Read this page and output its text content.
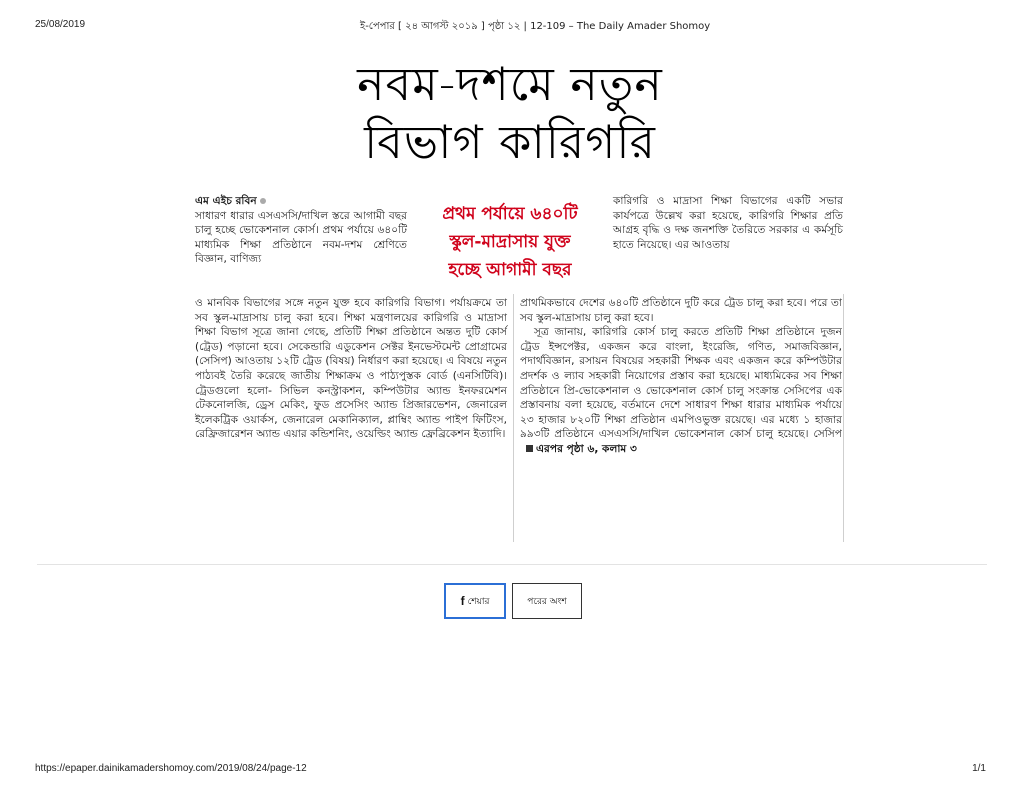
25/08/2019	ই-পেপার [ ২৪ আগস্ট ২০১৯ ] পৃষ্ঠা ১২ | 12-109 – The Daily Amader Shomoy
নবম-দশমে নতুন
বিভাগ কারিগরি
এম এইচ রবিন
সাধারণ ধারার এসএসসি/দাখিল স্তরে আগামী বছর চালু হচ্ছে ভোকেশনাল কোর্স। প্রথম পর্যায়ে ৬৪০টি মাধ্যমিক শিক্ষা প্রতিষ্ঠানে নবম-দশম শ্রেণিতে বিজ্ঞান, বাণিজ্য
প্রথম পর্যায়ে ৬৪০টি
স্কুল-মাদ্রাসায় যুক্ত
হচ্ছে আগামী বছর
কারিগরি ও মাদ্রাসা শিক্ষা বিভাগের একটি সভার কার্যপত্রে উল্লেখ করা হয়েছে, কারিগরি শিক্ষার প্রতি আগ্রহ বৃদ্ধি ও দক্ষ জনশক্তি তৈরিতে সরকার এ কর্মসূচি হাতে নিয়েছে। এর আওতায়

ও মানবিক বিভাগের সঙ্গে নতুন যুক্ত হবে কারিগরি বিভাগ। পর্যায়ক্রমে তা সব স্কুল-মাদ্রাসায় চালু করা হবে। শিক্ষা মন্ত্রণালয়ের কারিগরি ও মাদ্রাসা শিক্ষা বিভাগ সূত্রে জানা গেছে, প্রতিটি শিক্ষা প্রতিষ্ঠানে অন্তত দুটি কোর্স (ট্রেড) পড়ানো হবে। সেকেন্ডারি এডুকেশন সেক্টর ইনভেস্টমেন্ট প্রোগ্রামের (সেসিপ) আওতায় ১২টি ট্রেড (বিষয়) নির্ধারণ করা হয়েছে। এ বিষয়ে নতুন পাঠ্যবই তৈরি করেছে জাতীয় শিক্ষাক্রম ও পাঠ্যপুস্তক বোর্ড (এনসিটিবি)। ট্রেডগুলো হলো- সিভিল কনস্ট্রাকশন, কম্পিউটার অ্যান্ড ইনফরমেশন টেকনোলজি, ড্রেস মেকিং, ফুড প্রসেসিং অ্যান্ড প্রিজারভেশন, জেনারেল ইলেকট্রিক ওয়ার্কস, জেনারেল মেকানিক্যাল, প্লাম্বিং অ্যান্ড পাইপ ফিটিংস, রেফ্রিজারেশন অ্যান্ড এয়ার কন্ডিশনিং, ওয়েল্ডিং অ্যান্ড ফ্রেব্রিকেশন ইত্যাদি।

প্রাথমিকভাবে দেশের ৬৪০টি প্রতিষ্ঠানে দুটি করে ট্রেড চালু করা হবে। পরে তা সব স্কুল-মাদ্রাসায় চালু করা হবে।

সূত্র জানায়, কারিগরি কোর্স চালু করতে প্রতিটি শিক্ষা প্রতিষ্ঠানে দুজন ট্রেড ইন্সপেক্টর, একজন করে বাংলা, ইংরেজি, গণিত, সমাজবিজ্ঞান, পদার্থবিজ্ঞান, রসায়ন বিষয়ের সহকারী শিক্ষক এবং একজন করে কম্পিউটার প্রদর্শক ও ল্যাব সহকারী নিয়োগের প্রস্তাব করা হয়েছে। মাধ্যমিকের সব শিক্ষা প্রতিষ্ঠানে প্রি-ভোকেশনাল ও ভোকেশনাল কোর্স চালু সংক্রান্ত সেসিপের এক প্রস্তাবনায় বলা হয়েছে, বর্তমানে দেশে সাধারণ শিক্ষা ধারার মাধ্যমিক পর্যায়ে ২৩ হাজার ৮২০টি শিক্ষা প্রতিষ্ঠান এমপিওভুক্ত রয়েছে। এর মধ্যে ১ হাজার ৯৯৩টি প্রতিষ্ঠানে এসএসসি/দাখিল ভোকেশনাল কোর্স চালু হয়েছে। সেসিপএরপর পৃষ্ঠা ৬, কলাম ৩

f শেয়ার	পরের অংশ
https://epaper.dainikamadershomoy.com/2019/08/24/page-12	1/1
